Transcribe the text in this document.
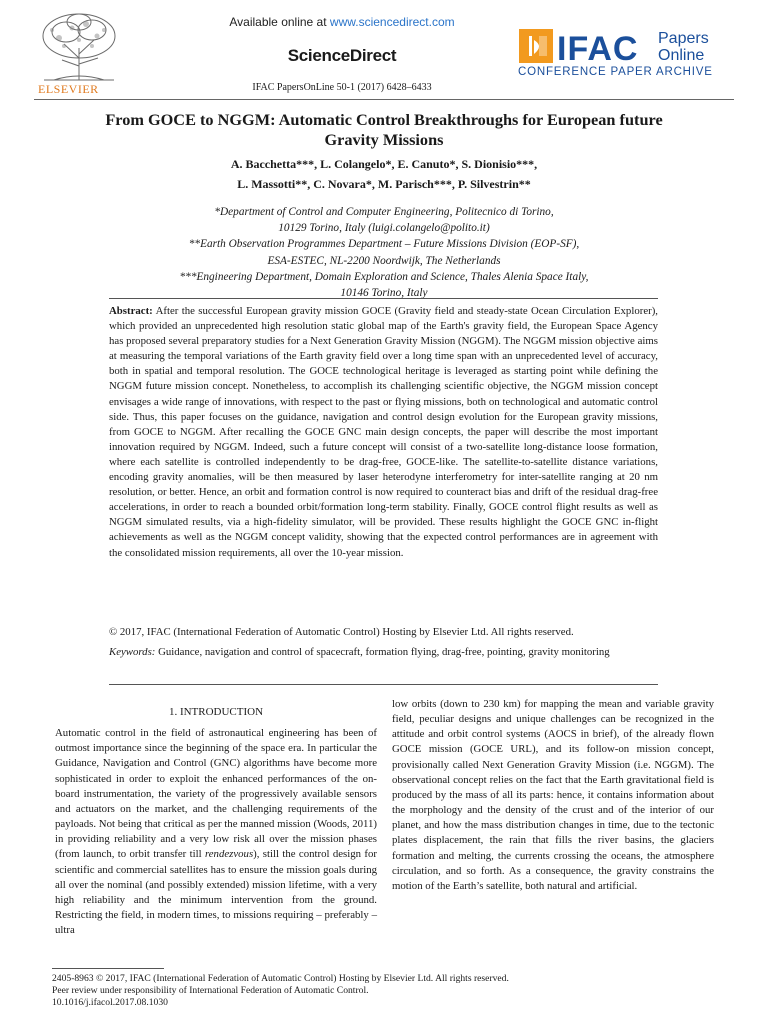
ELSEVIER
Available online at www.sciencedirect.com
ScienceDirect
IFAC PapersOnLine 50-1 (2017) 6428–6433
IFAC Papers
Online
CONFERENCE PAPER ARCHIVE
From GOCE to NGGM: Automatic Control Breakthroughs for European future
Gravity Missions
A. Bacchetta***, L. Colangelo*, E. Canuto*, S. Dionisio***,
L. Massotti**, C. Novara*, M. Parisch***, P. Silvestrin**
*Department of Control and Computer Engineering, Politecnico di Torino,
10129 Torino, Italy (luigi.colangelo@polito.it)
**Earth Observation Programmes Department – Future Missions Division (EOP-SF),
ESA-ESTEC, NL-2200 Noordwijk, The Netherlands
***Engineering Department, Domain Exploration and Science, Thales Alenia Space Italy,
10146 Torino, Italy
Abstract: After the successful European gravity mission GOCE (Gravity field and steady-state Ocean Circulation Explorer), which provided an unprecedented high resolution static global map of the Earth's gravity field, the European Space Agency has proposed several preparatory studies for a Next Generation Gravity Mission (NGGM). The NGGM mission objective aims at measuring the temporal variations of the Earth gravity field over a long time span with an unprecedented level of accuracy, both in spatial and temporal resolution. The GOCE technological heritage is leveraged as starting point while defining the NGGM future mission concept. Nonetheless, to accomplish its challenging scientific objective, the NGGM mission concept envisages a wide range of innovations, with respect to the past or flying missions, both on technological and automatic control side. Thus, this paper focuses on the guidance, navigation and control design evolution for the European gravity missions, from GOCE to NGGM. After recalling the GOCE GNC main design concepts, the paper will describe the most important innovation required by NGGM. Indeed, such a future concept will consist of a two-satellite long-distance loose formation, where each satellite is controlled independently to be drag-free, GOCE-like. The satellite-to-satellite distance variations, encoding gravity anomalies, will be then measured by laser heterodyne interferometry for inter-satellite ranging at 20 nm resolution, or better. Hence, an orbit and formation control is now required to counteract bias and drift of the residual drag-free accelerations, in order to reach a bounded orbit/formation long-term stability. Finally, GOCE control flight results as well as NGGM simulated results, via a high-fidelity simulator, will be provided. These results highlight the GOCE GNC in-flight achievements as well as the NGGM concept validity, showing that the expected control performances are in agreement with the consolidated mission requirements, all over the 10-year mission.
© 2017, IFAC (International Federation of Automatic Control) Hosting by Elsevier Ltd. All rights reserved.
Keywords: Guidance, navigation and control of spacecraft, formation flying, drag-free, pointing, gravity monitoring
1. INTRODUCTION

Automatic control in the field of astronautical engineering has been of outmost importance since the beginning of the space era. In particular the Guidance, Navigation and Control (GNC) algorithms have become more sophisticated in order to exploit the enhanced performances of the on-board instrumentation, the variety of the progressively available sensors and actuators on the market, and the challenging requirements of the payloads. Not being that critical as per the manned mission (Woods, 2011) in providing reliability and a very low risk all over the mission phases (from launch, to orbit transfer till rendezvous), still the control design for scientific and commercial satellites has to ensure the mission goals during all over the nominal (and possibly extended) mission lifetime, with a very high reliability and the minimum intervention from the ground. Restricting the field, in modern times, to missions requiring – preferably – ultra

low orbits (down to 230 km) for mapping the mean and variable gravity field, peculiar designs and unique challenges can be recognized in the attitude and orbit control systems (AOCS in brief), of the already flown GOCE mission (GOCE URL), and its follow-on mission concept, provisionally called Next Generation Gravity Mission (i.e. NGGM). The observational concept relies on the fact that the Earth gravitational field is produced by the mass of all its parts: hence, it contains information about the morphology and the density of the crust and of the interior of our planet, and how the mass distribution changes in time, due to the tectonic plates displacement, the rain that fills the river basins, the glaciers formation and melting, the currents crossing the oceans, the atmosphere circulation, and so forth. As a consequence, the gravity constrains the motion of the Earth’s satellite, both natural and artificial.

2405-8963 © 2017, IFAC (International Federation of Automatic Control) Hosting by Elsevier Ltd. All rights reserved.
Peer review under responsibility of International Federation of Automatic Control.
10.1016/j.ifacol.2017.08.1030
